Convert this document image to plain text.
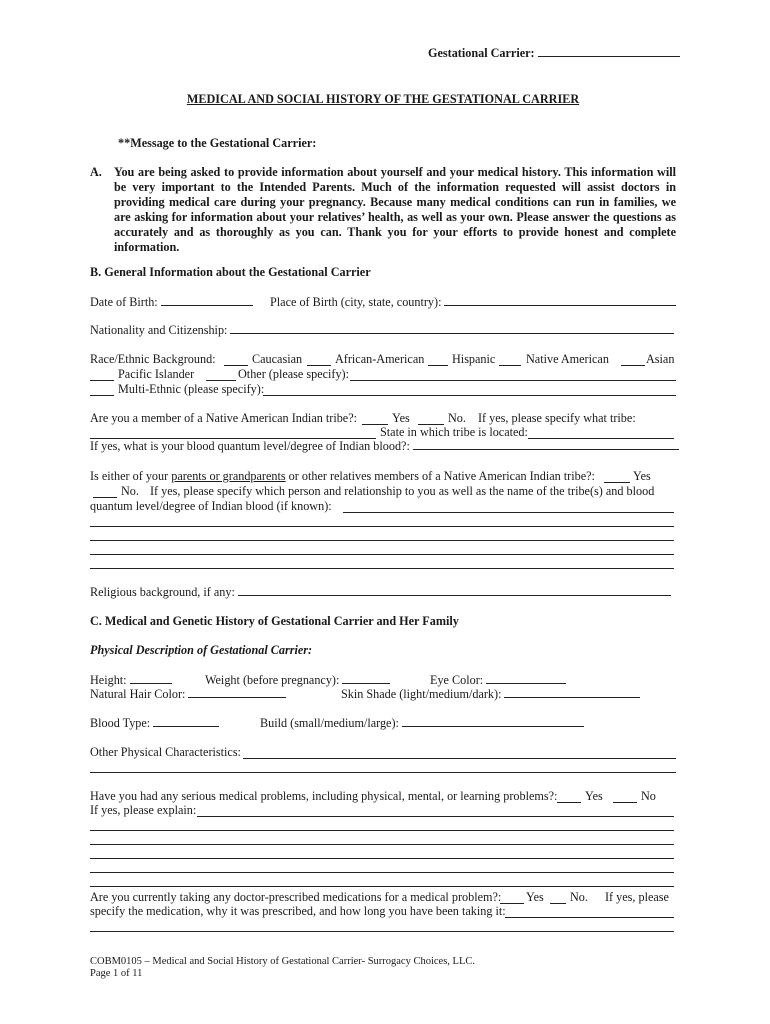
Gestational Carrier:
MEDICAL AND SOCIAL HISTORY OF THE GESTATIONAL CARRIER
**Message to the Gestational Carrier:
A. You are being asked to provide information about yourself and your medical history. This information will be very important to the Intended Parents. Much of the information requested will assist doctors in providing medical care during your pregnancy. Because many medical conditions can run in families, we are asking for information about your relatives’ health, as well as your own. Please answer the questions as accurately and as thoroughly as you can. Thank you for your efforts to provide honest and complete information.
B. General Information about the Gestational Carrier
Date of Birth:	Place of Birth (city, state, country):
Nationality and Citizenship:
Race/Ethnic Background:	Caucasian	African-American Hispanic	Native American	Asian
Pacific Islander	Other (please specify):
Multi-Ethnic (please specify):
Are you a member of a Native American Indian tribe?:	Yes	No. If yes, please specify what tribe:
State in which tribe is located:
If yes, what is your blood quantum level/degree of Indian blood?:
Is either of your parents or grandparents or other relatives members of a Native American Indian tribe?:	Yes
No. If yes, please specify which person and relationship to you as well as the name of the tribe(s) and blood
quantum level/degree of Indian blood (if known):
Religious background, if any:
C. Medical and Genetic History of Gestational Carrier and Her Family
Physical Description of Gestational Carrier:
Height:	Weight (before pregnancy):	Eye Color:
Natural Hair Color:	Skin Shade (light/medium/dark):
Blood Type:	Build (small/medium/large):
Other Physical Characteristics:
Have you had any serious medical problems, including physical, mental, or learning problems?: Yes	No
If yes, please explain:
Are you currently taking any doctor-prescribed medications for a medical problem?: Yes No. If yes, please
specify the medication, why it was prescribed, and how long you have been taking it:
COBM0105 – Medical and Social History of Gestational Carrier- Surrogacy Choices, LLC.
Page 1 of 11
